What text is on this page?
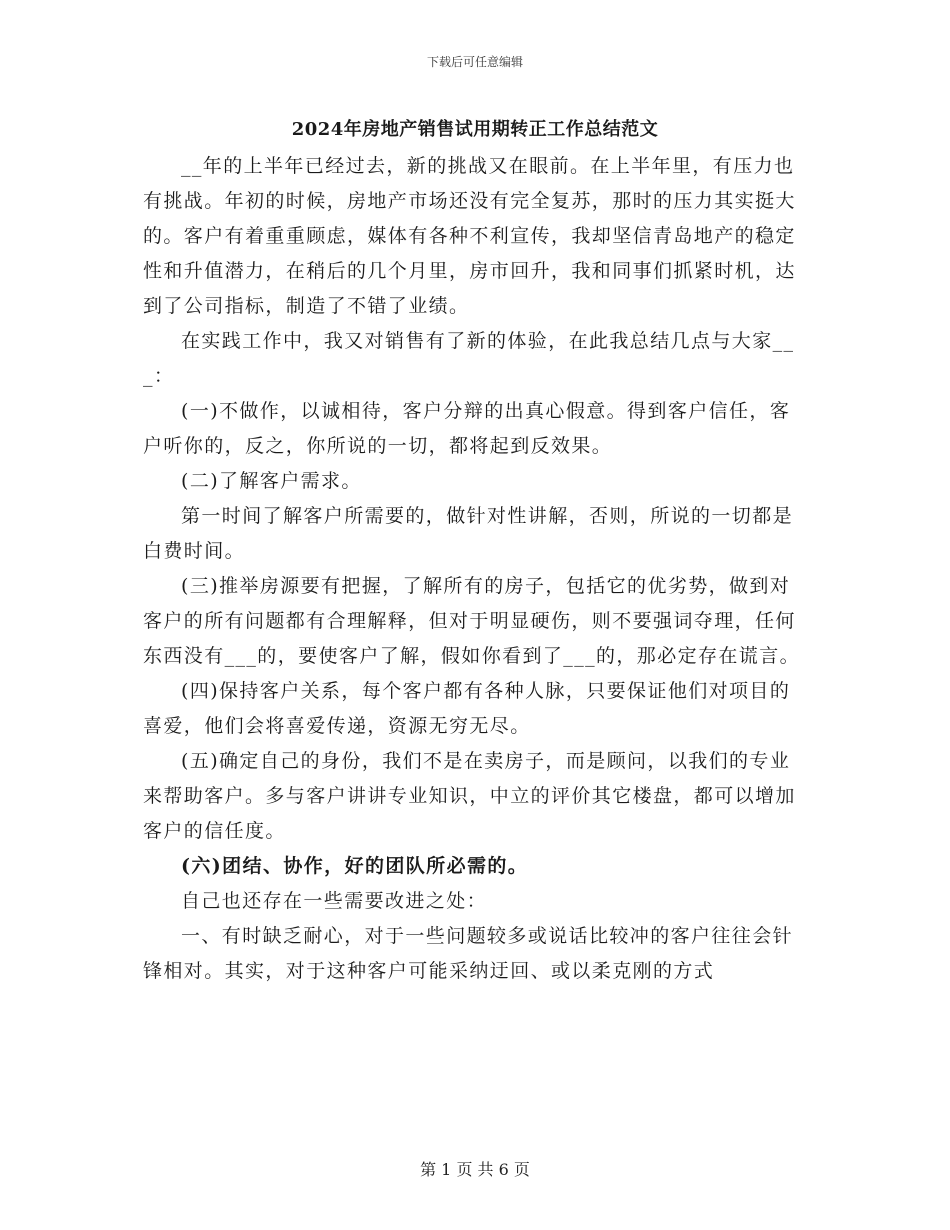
下载后可任意编辑
2024年房地产销售试用期转正工作总结范文

__年的上半年已经过去，新的挑战又在眼前。在上半年里，有压力也有挑战。年初的时候，房地产市场还没有完全复苏，那时的压力其实挺大的。客户有着重重顾虑，媒体有各种不利宣传，我却坚信青岛地产的稳定性和升值潜力，在稍后的几个月里，房市回升，我和同事们抓紧时机，达到了公司指标，制造了不错了业绩。

在实践工作中，我又对销售有了新的体验，在此我总结几点与大家___：

(一)不做作，以诚相待，客户分辩的出真心假意。得到客户信任，客户听你的，反之，你所说的一切，都将起到反效果。

(二)了解客户需求。

第一时间了解客户所需要的，做针对性讲解，否则，所说的一切都是白费时间。

(三)推举房源要有把握，了解所有的房子，包括它的优劣势，做到对客户的所有问题都有合理解释，但对于明显硬伤，则不要强词夺理，任何东西没有___的，要使客户了解，假如你看到了___的，那必定存在谎言。

(四)保持客户关系，每个客户都有各种人脉，只要保证他们对项目的喜爱，他们会将喜爱传递，资源无穷无尽。

(五)确定自己的身份，我们不是在卖房子，而是顾问，以我们的专业来帮助客户。多与客户讲讲专业知识，中立的评价其它楼盘，都可以增加客户的信任度。

(六)团结、协作，好的团队所必需的。

自己也还存在一些需要改进之处：

一、有时缺乏耐心，对于一些问题较多或说话比较冲的客户往往会针锋相对。其实，对于这种客户可能采纳迂回、或以柔克刚的方式

第 1 页 共 6 页
